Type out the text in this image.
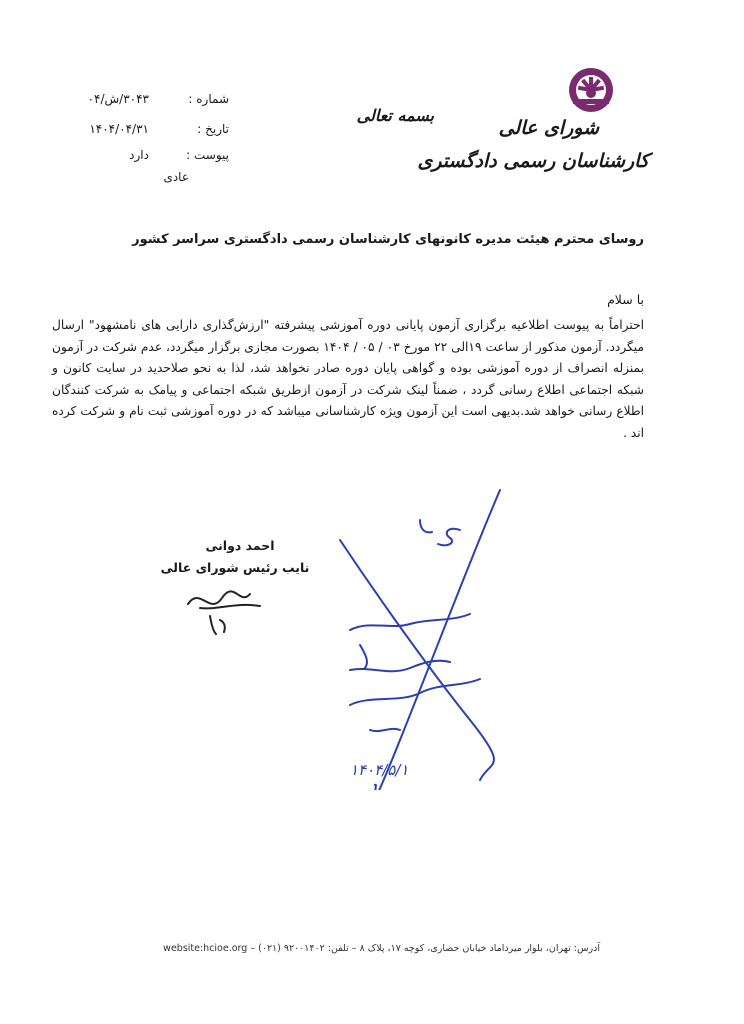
شورای عالی
کارشناسان رسمی دادگستری
بسمه تعالی
شماره :۳۰۴۳/ش/۰۴
تاریخ :۱۴۰۴/۰۴/۳۱
پیوست :دارد
عادی
روسای محترم هیئت مدیره کانونهای کارشناسان رسمی دادگستری سراسر کشور
با سلام
احتراماً به پیوست اطلاعیه برگزاری آزمون پایانی دوره آموزشی پیشرفته "ارزش‌گذاری دارایی های نامشهود" ارسال میگردد. آزمون مذکور از ساعت ۱۹الی ۲۲ مورخ ۰۳ / ۰۵ / ۱۴۰۴ بصورت مجازی برگزار میگردد، عدم شرکت در آزمون بمنزله انصراف از دوره آموزشی بوده و گواهی پایان دوره صادر نخواهد شد، لذا به نحو صلاحدید در سایت کانون و شبکه اجتماعی اطلاع رسانی گردد ، ضمناً لینک شرکت در آزمون ازطریق شبکه اجتماعی و پیامک به شرکت کنندگان اطلاع رسانی خواهد شد.بدیهی است این آزمون ویژه کارشناسانی میباشد که در دوره آموزشی ثبت نام و شرکت کرده اند .
احمد دوانی
نایب رئیس شورای عالی
۱۴۰۴/۵/۱
آدرس: تهران، بلوار میرداماد خیابان حصاری، کوچه ۱۷، پلاک ۸ – تلفن: ۹۲۰۰۱۴۰۲ (۰۲۱) – website:hcioe.org
